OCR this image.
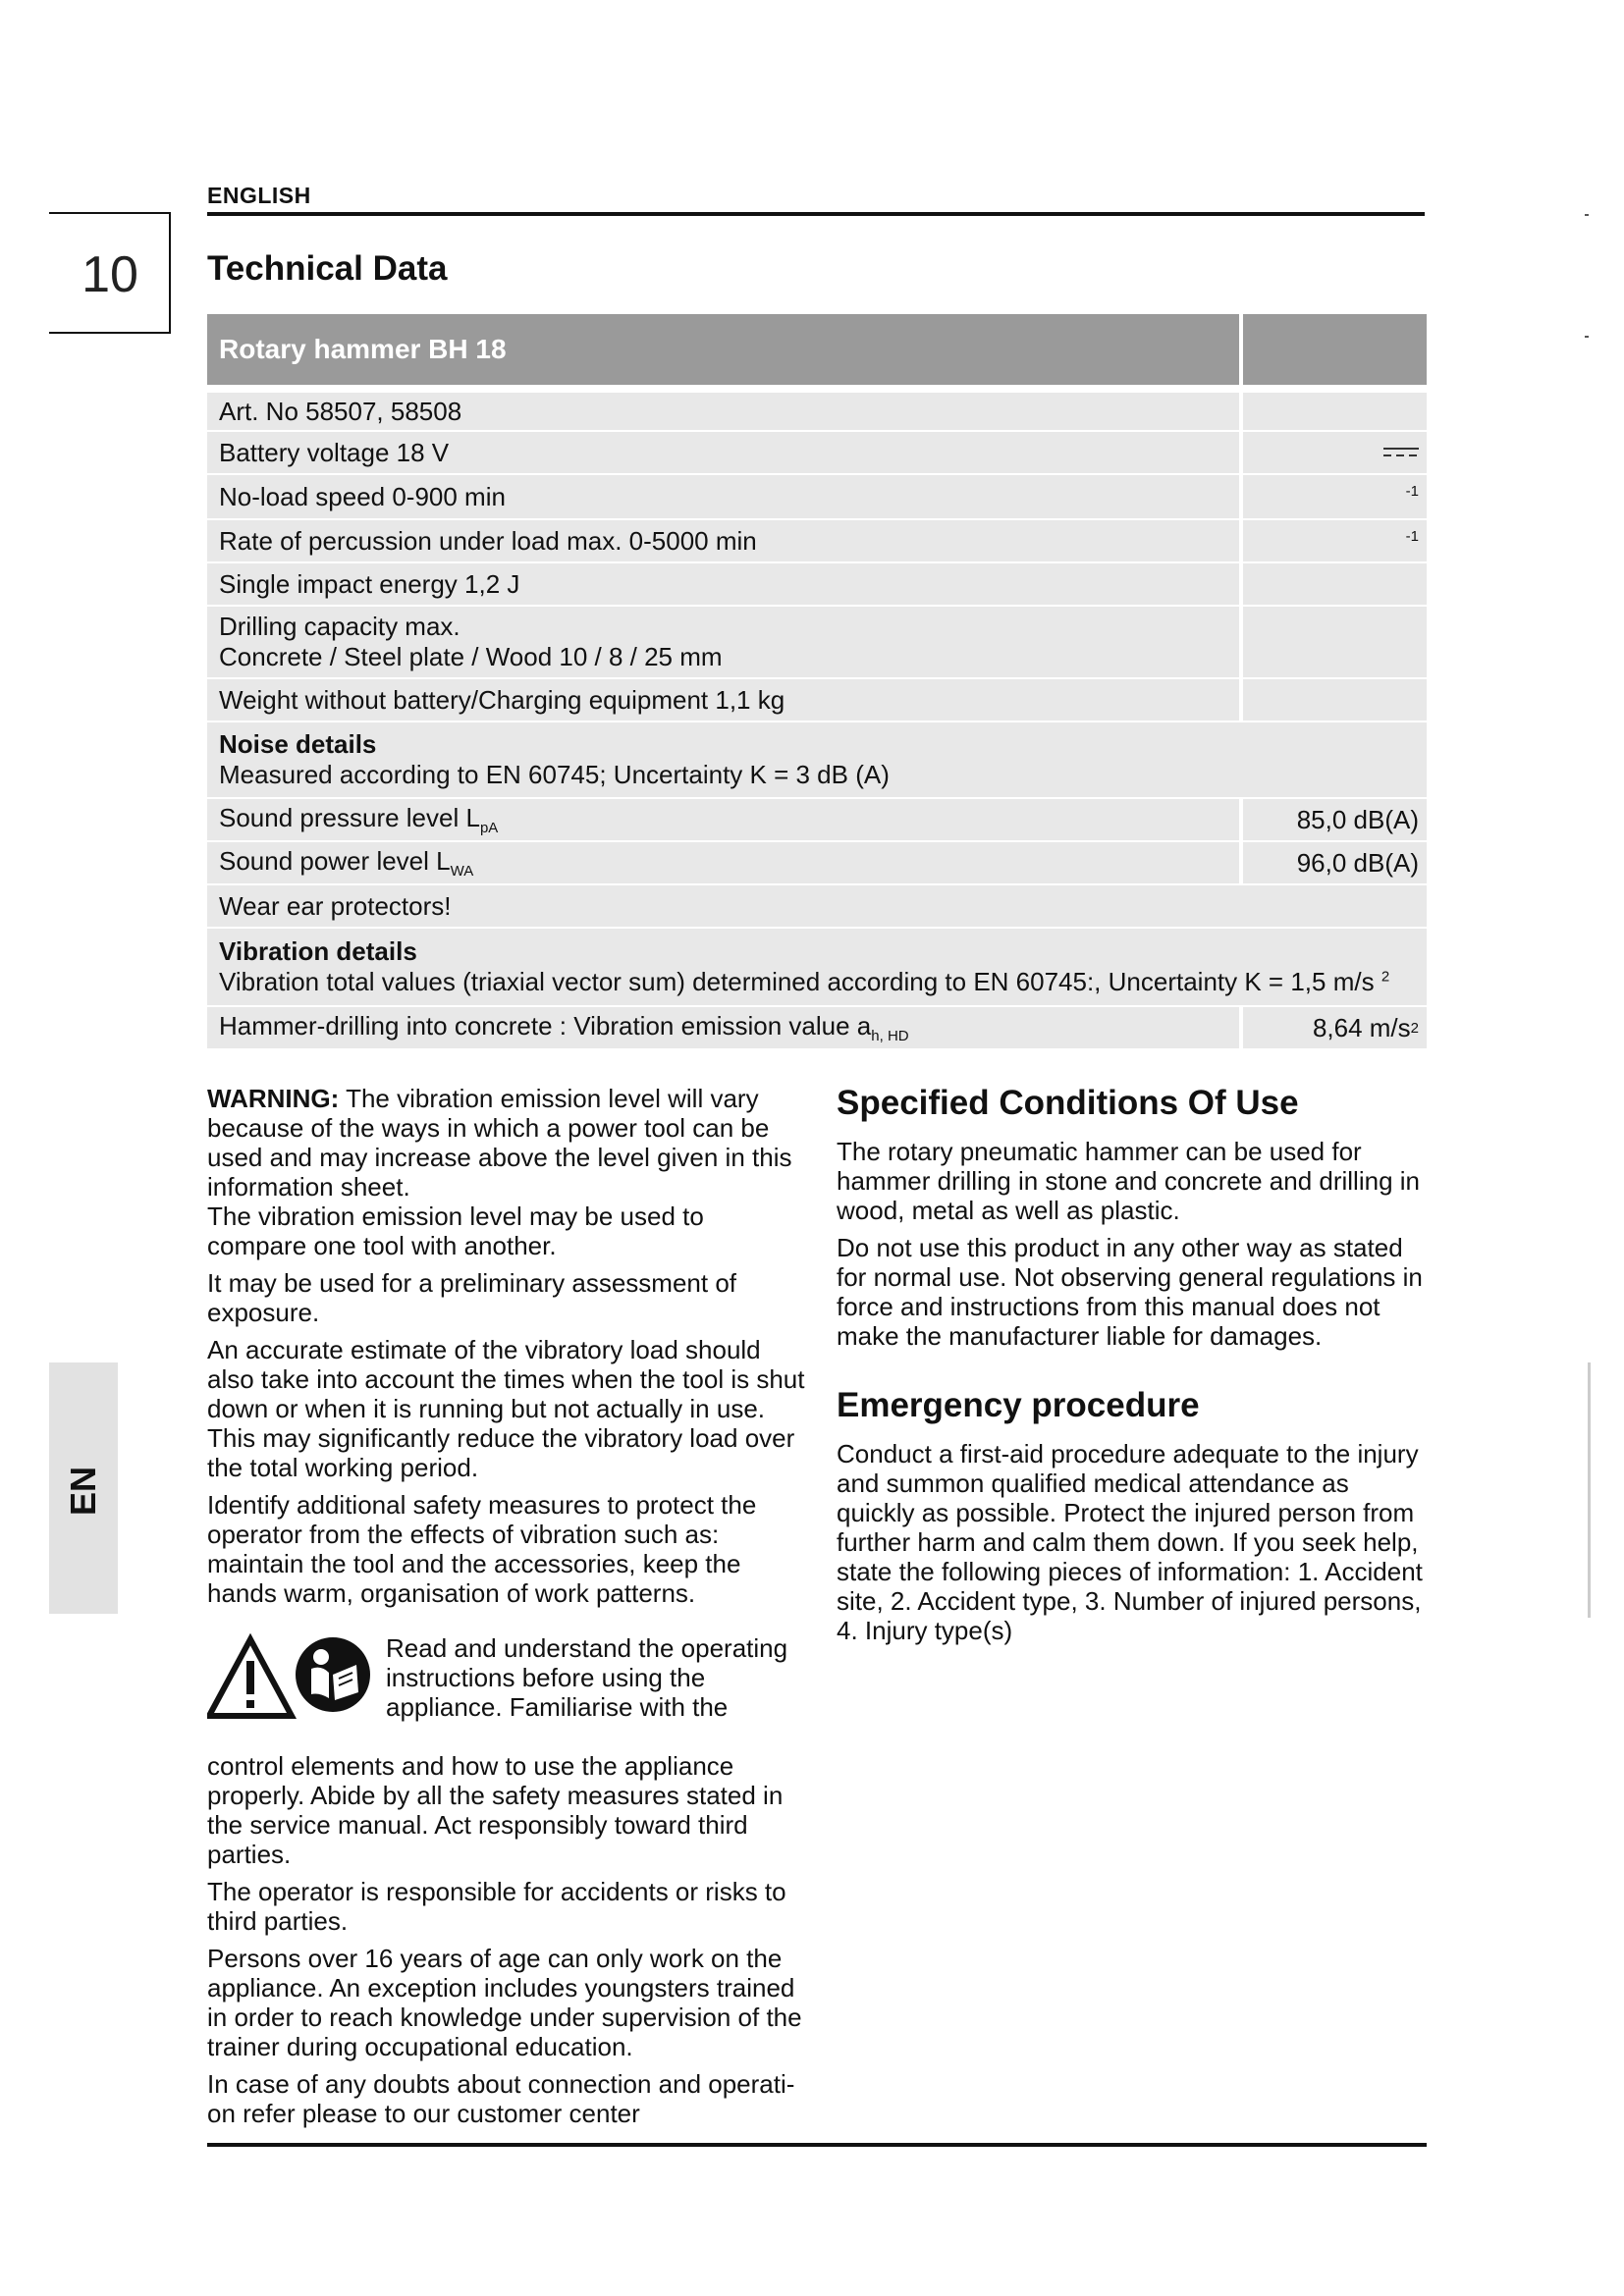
ENGLISH
10	Technical Data
EN
Rotary hammer BH 18
Art. No 58507, 58508
Battery voltage 18 V
No-load speed 0-900 min	-1
Rate of percussion under load max. 0-5000 min	-1
Single impact energy 1,2 J
Drilling capacity max.
Concrete / Steel plate / Wood 10 / 8 / 25 mm
Weight without battery/Charging equipment 1,1 kg
Noise details
Measured according to EN 60745; Uncertainty K = 3 dB (A)
Sound pressure level $L_{pA}$	85,0 dB(A)
Sound power level $L_{WA}$	96,0 dB(A)
Wear ear protectors!
Vibration details
Vibration total values (triaxial vector sum) determined according to EN 60745:, Uncertainty K = 1,5 m/s $^2$
Hammer-drilling into concrete : Vibration emission value $a_{h, HD}$	8,64 m/s 2

WARNING: The vibration emission level will vary because of the ways in which a power tool can be used and may increase above the level given in this information sheet.

The vibration emission level may be used to compare one tool with another.

It may be used for a preliminary assessment of exposure.

An accurate estimate of the vibratory load should also take into account the times when the tool is shut down or when it is running but not actually in use. This may significantly reduce the vibratory load over the total working period.

Identify additional safety measures to protect the operator from the effects of vibration such as: maintain the tool and the accessories, keep the hands warm, organisation of work patterns.

Read and understand the operating instructions before using the appliance. Familiarise with the

control elements and how to use the appliance properly. Abide by all the safety measures stated in the service manual. Act responsibly toward third parties.

The operator is responsible for accidents or risks to third parties.

Persons over 16 years of age can only work on the appliance. An exception includes youngsters trained in order to reach knowledge under supervision of the trainer during occupational education.

In case of any doubts about connection and operati-on refer please to our customer center

Specified Conditions Of Use

The rotary pneumatic hammer can be used for hammer drilling in stone and concrete and drilling in wood, metal as well as plastic.

Do not use this product in any other way as stated for normal use. Not observing general regulations in force and instructions from this manual does not make the manufacturer liable for damages.

Emergency procedure

Conduct a first-aid procedure adequate to the injury and summon qualified medical attendance as quickly as possible. Protect the injured person from further harm and calm them down. If you seek help, state the following pieces of information: 1. Accident site, 2. Accident type, 3. Number of injured persons, 4. Injury type(s)
